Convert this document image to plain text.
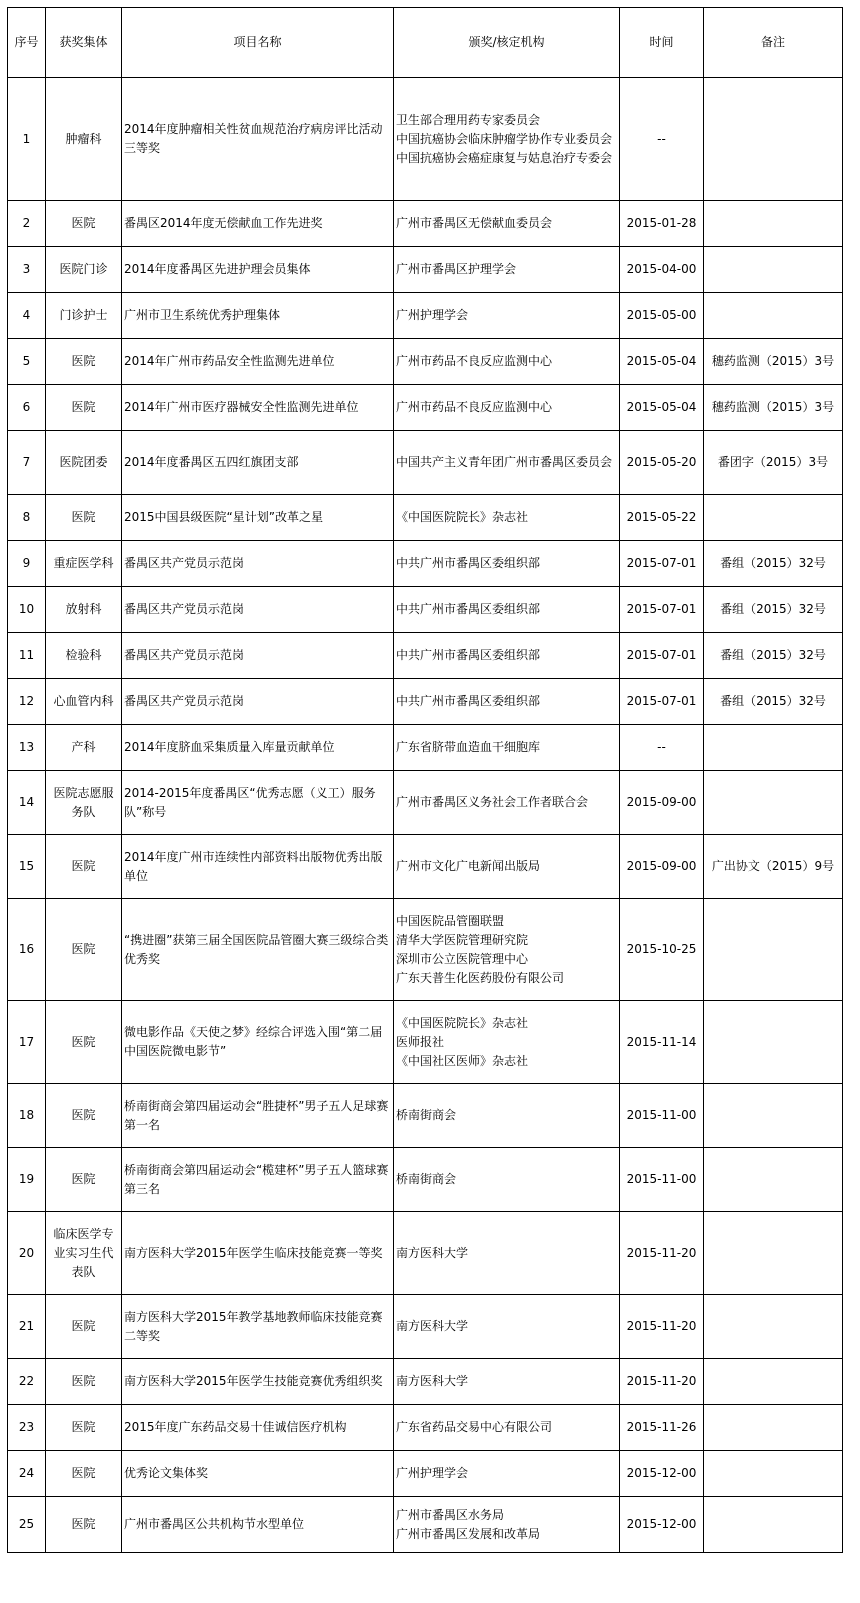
序号	获奖集体	项目名称	颁奖/核定机构	时间	备注
1	肿瘤科	2014年度肿瘤相关性贫血规范治疗病房评比活动三等奖	卫生部合理用药专家委员会
中国抗癌协会临床肿瘤学协作专业委员会
中国抗癌协会癌症康复与姑息治疗专委会	--	
2	医院	番禺区2014年度无偿献血工作先进奖	广州市番禺区无偿献血委员会	2015-01-28	
3	医院门诊	2014年度番禺区先进护理会员集体	广州市番禺区护理学会	2015-04-00	
4	门诊护士	广州市卫生系统优秀护理集体	广州护理学会	2015-05-00	
5	医院	2014年广州市药品安全性监测先进单位	广州市药品不良反应监测中心	2015-05-04	穗药监测（2015）3号
6	医院	2014年广州市医疗器械安全性监测先进单位	广州市药品不良反应监测中心	2015-05-04	穗药监测（2015）3号
7	医院团委	2014年度番禺区五四红旗团支部	中国共产主义青年团广州市番禺区委员会	2015-05-20	番团字（2015）3号
8	医院	2015中国县级医院“星计划”改革之星	《中国医院院长》杂志社	2015-05-22	
9	重症医学科	番禺区共产党员示范岗	中共广州市番禺区委组织部	2015-07-01	番组（2015）32号
10	放射科	番禺区共产党员示范岗	中共广州市番禺区委组织部	2015-07-01	番组（2015）32号
11	检验科	番禺区共产党员示范岗	中共广州市番禺区委组织部	2015-07-01	番组（2015）32号
12	心血管内科	番禺区共产党员示范岗	中共广州市番禺区委组织部	2015-07-01	番组（2015）32号
13	产科	2014年度脐血采集质量入库量贡献单位	广东省脐带血造血干细胞库	--	
14	医院志愿服务队	2014-2015年度番禺区“优秀志愿（义工）服务队”称号	广州市番禺区义务社会工作者联合会	2015-09-00	
15	医院	2014年度广州市连续性内部资料出版物优秀出版单位	广州市文化广电新闻出版局	2015-09-00	广出协文（2015）9号
16	医院	“携进圈”获第三届全国医院品管圈大赛三级综合类优秀奖	中国医院品管圈联盟
清华大学医院管理研究院
深圳市公立医院管理中心
广东天普生化医药股份有限公司	2015-10-25	
17	医院	微电影作品《天使之梦》经综合评选入围“第二届中国医院微电影节”	《中国医院院长》杂志社
医师报社
《中国社区医师》杂志社	2015-11-14	
18	医院	桥南街商会第四届运动会“胜捷杯”男子五人足球赛第一名	桥南街商会	2015-11-00	
19	医院	桥南街商会第四届运动会“榄建杯”男子五人篮球赛第三名	桥南街商会	2015-11-00	
20	临床医学专业实习生代表队	南方医科大学2015年医学生临床技能竞赛一等奖	南方医科大学	2015-11-20	
21	医院	南方医科大学2015年教学基地教师临床技能竞赛二等奖	南方医科大学	2015-11-20	
22	医院	南方医科大学2015年医学生技能竞赛优秀组织奖	南方医科大学	2015-11-20	
23	医院	2015年度广东药品交易十佳诚信医疗机构	广东省药品交易中心有限公司	2015-11-26	
24	医院	优秀论文集体奖	广州护理学会	2015-12-00	
25	医院	广州市番禺区公共机构节水型单位	广州市番禺区水务局
广州市番禺区发展和改革局	2015-12-00	
